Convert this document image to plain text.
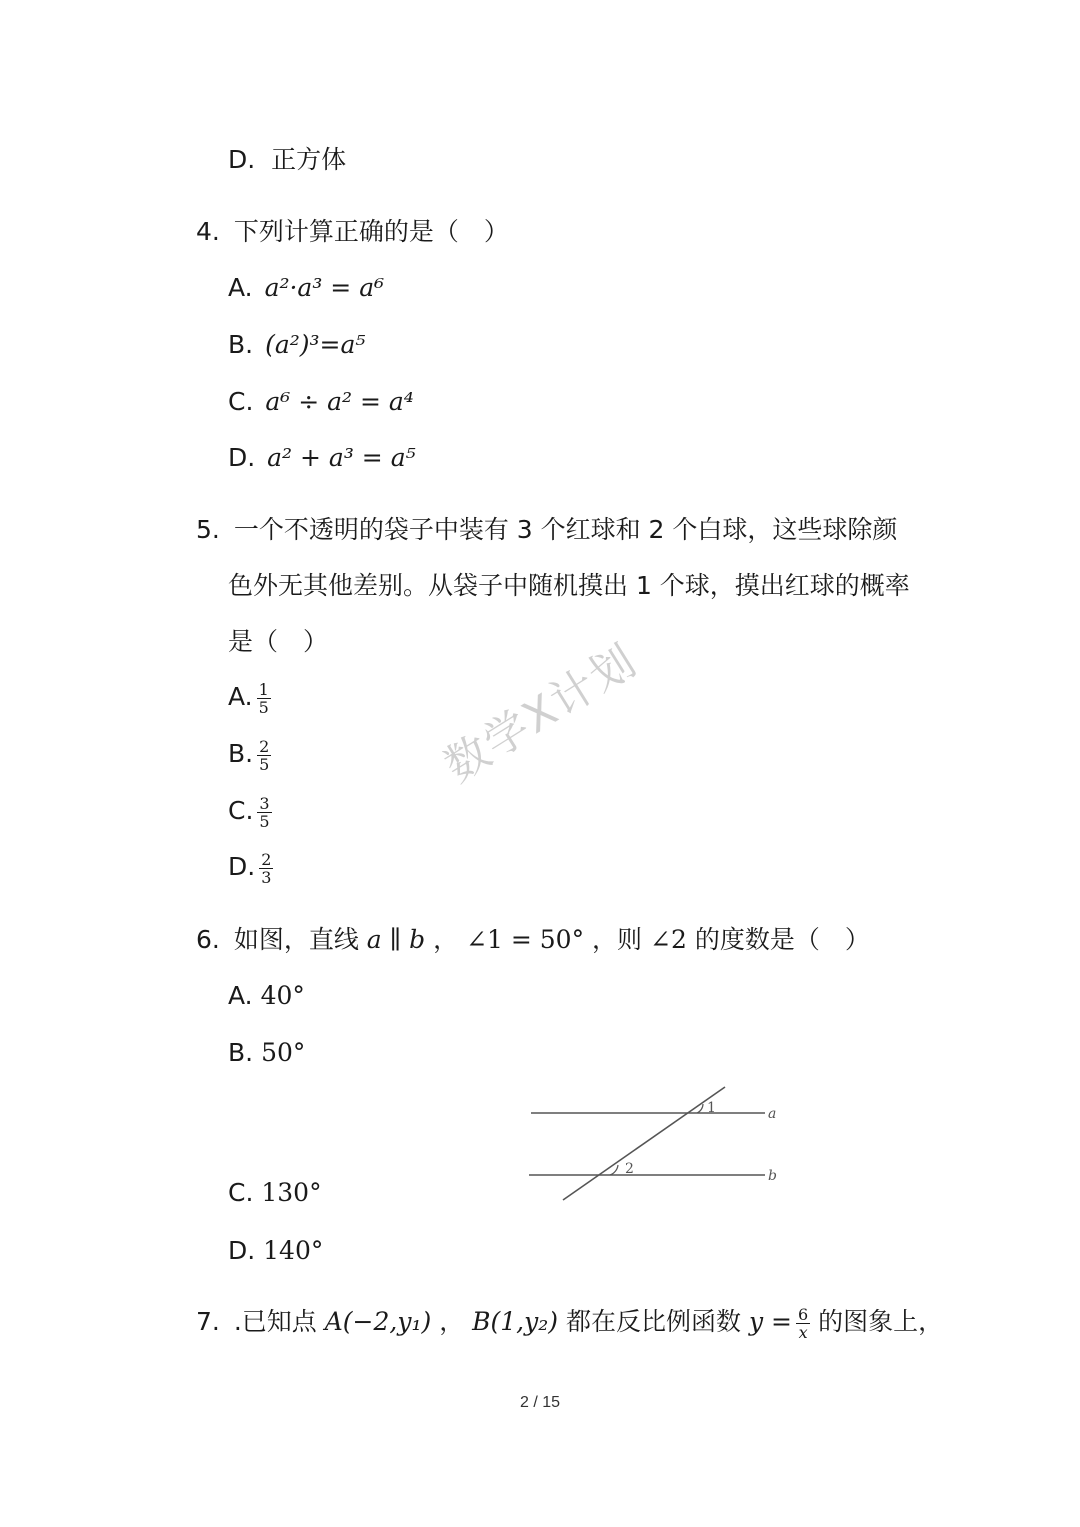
D. 正方体
4. 下列计算正确的是（　）
A. a²·a³ = a⁶
B. (a²)³=a⁵
C. a⁶ ÷ a² = a⁴
D. a² + a³ = a⁵
5. 一个不透明的袋子中装有 3 个红球和 2 个白球，这些球除颜
色外无其他差别。从袋子中随机摸出 1 个球，摸出红球的概率
是（　）
A. $\frac{1}{5}$
B. $\frac{2}{5}$
C. $\frac{3}{5}$
D. $\frac{2}{3}$
数学X计划
6. 如图，直线 a ∥ b ， ∠1 = 50° ，则 ∠2 的度数是（　）
A. 40°
B. 50°
1
2
a
b
C. 130°
D. 140°
7. .已知点 A(−2,y₁) ， B(1,y₂) 都在反比例函数 $y = \frac{6}{x}$ 的图象上，
2 / 15
